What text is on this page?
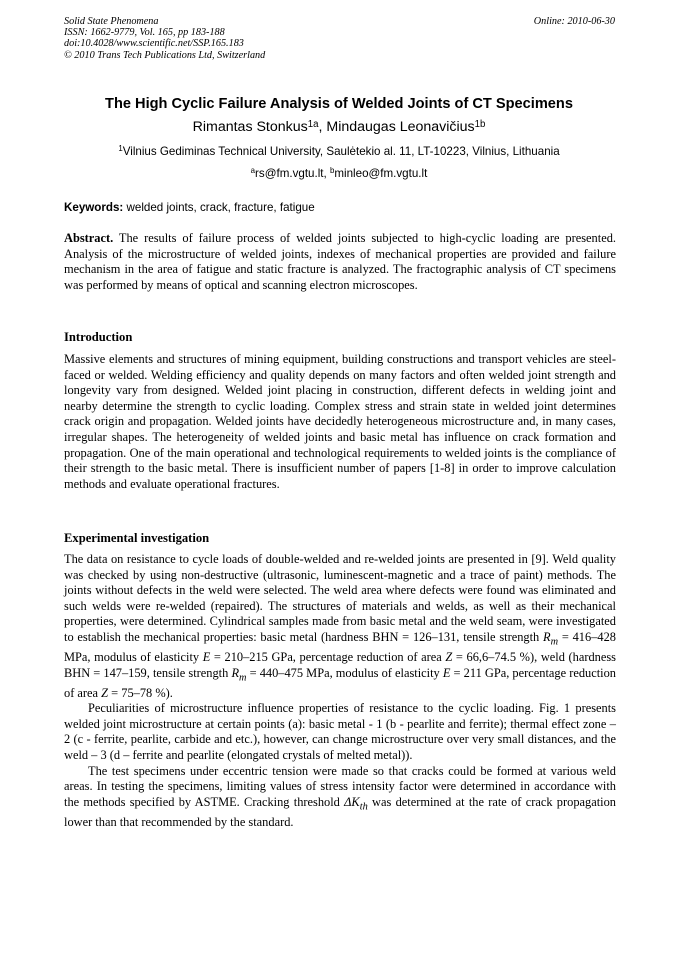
Solid State Phenomena
ISSN: 1662-9779, Vol. 165, pp 183-188
doi:10.4028/www.scientific.net/SSP.165.183
© 2010 Trans Tech Publications Ltd, Switzerland
Online: 2010-06-30
The High Cyclic Failure Analysis of Welded Joints of CT Specimens
Rimantas Stonkus$^{1a}$, Mindaugas Leonavičius$^{1b}$
$^1$Vilnius Gediminas Technical University, Saulėtekio al. 11, LT-10223, Vilnius, Lithuania
$^a$rs@fm.vgtu.lt, $^b$minleo@fm.vgtu.lt
Keywords: welded joints, crack, fracture, fatigue
Abstract. The results of failure process of welded joints subjected to high-cyclic loading are presented. Analysis of the microstructure of welded joints, indexes of mechanical properties are provided and failure mechanism in the area of fatigue and static fracture is analyzed. The fractographic analysis of CT specimens was performed by means of optical and scanning electron microscopes.
Introduction
Massive elements and structures of mining equipment, building constructions and transport vehicles are steel-faced or welded. Welding efficiency and quality depends on many factors and often welded joint strength and longevity vary from designed. Welded joint placing in construction, different defects in welding joint and nearby determine the strength to cyclic loading. Complex stress and strain state in welded joint determines crack origin and propagation. Welded joints have decidedly heterogeneous microstructure and, in many cases, irregular shapes. The heterogeneity of welded joints and basic metal has influence on crack formation and propagation. One of the main operational and technological requirements to welded joints is the compliance of their strength to the basic metal. There is insufficient number of papers [1-8] in order to improve calculation methods and evaluate operational fractures.
Experimental investigation
The data on resistance to cycle loads of double-welded and re-welded joints are presented in [9]. Weld quality was checked by using non-destructive (ultrasonic, luminescent-magnetic and a trace of paint) methods. The joints without defects in the weld were selected. The weld area where defects were found was eliminated and such welds were re-welded (repaired). The structures of materials and welds, as well as their mechanical properties, were determined. Cylindrical samples made from basic metal and the weld seam, were investigated to establish the mechanical properties: basic metal (hardness BHN = 126–131, tensile strength $R_m = 416-428$ MPa, modulus of elasticity E = 210–215 GPa, percentage reduction of area Z = 66,6–74.5 %), weld (hardness BHN = 147–159, tensile strength $R_m = 440-475$ MPa, modulus of elasticity E = 211 GPa, percentage reduction of area Z = 75–78 %).
Peculiarities of microstructure influence properties of resistance to the cyclic loading. Fig. 1 presents welded joint microstructure at certain points (a): basic metal - 1 (b - pearlite and ferrite); thermal effect zone – 2 (c - ferrite, pearlite, carbide and etc.), however, can change microstructure over very small distances, and the weld – 3 (d – ferrite and pearlite (elongated crystals of melted metal)).
The test specimens under eccentric tension were made so that cracks could be formed at various weld areas. In testing the specimens, limiting values of stress intensity factor were determined in accordance with the methods specified by ASTME. Cracking threshold $\Delta K_{th}$ was determined at the rate of crack propagation lower than that recommended by the standard.
